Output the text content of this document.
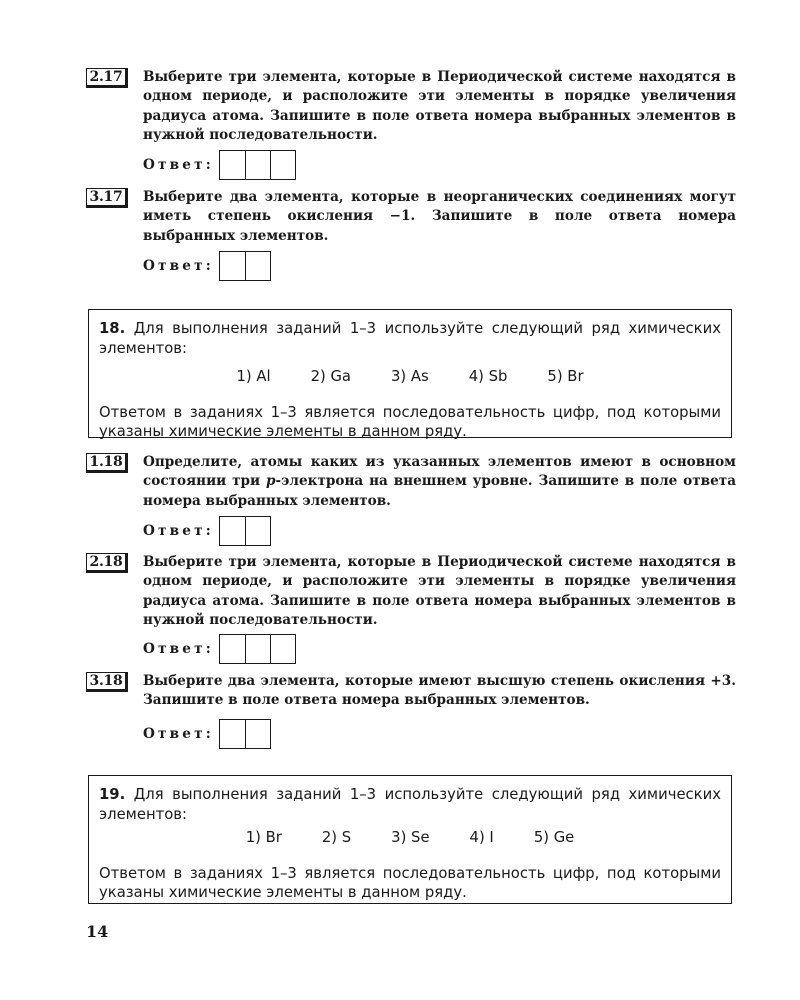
2.17	Выберите три элемента, которые в Периодической системе находятся в одном периоде, и расположите эти элементы в порядке увеличения радиуса атома. Запишите в поле ответа номера выбранных элементов в нужной последовательности.
Ответ:
3.17	Выберите два элемента, которые в неорганических соединениях могут иметь степень окисления −1. Запишите в поле ответа номера выбранных элементов.
Ответ:
18. Для выполнения заданий 1–3 используйте следующий ряд химических элементов:
1) Al	2) Ga	3) As	4) Sb	5) Br
Ответом в заданиях 1–3 является последовательность цифр, под которыми указаны химические элементы в данном ряду.
1.18	Определите, атомы каких из указанных элементов имеют в основном состоянии три p-электрона на внешнем уровне. Запишите в поле ответа номера выбранных элементов.
Ответ:
2.18	Выберите три элемента, которые в Периодической системе находятся в одном периоде, и расположите эти элементы в порядке увеличения радиуса атома. Запишите в поле ответа номера выбранных элементов в нужной последовательности.
Ответ:
3.18	Выберите два элемента, которые имеют высшую степень окисления +3. Запишите в поле ответа номера выбранных элементов.
Ответ:
19. Для выполнения заданий 1–3 используйте следующий ряд химических элементов:
1) Br	2) S	3) Se	4) I	5) Ge
Ответом в заданиях 1–3 является последовательность цифр, под которыми указаны химические элементы в данном ряду.
14
